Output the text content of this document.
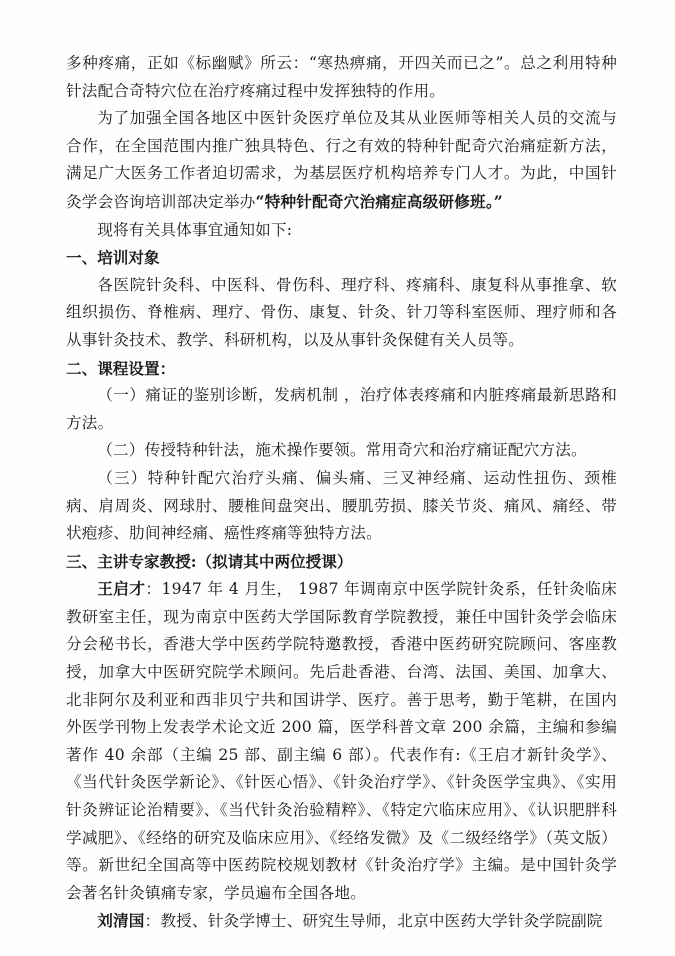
多种疼痛，正如《标幽赋》所云：“寒热痹痛，开四关而已之”。总之利用特种针法配合奇特穴位在治疗疼痛过程中发挥独特的作用。

为了加强全国各地区中医针灸医疗单位及其从业医师等相关人员的交流与合作，在全国范围内推广独具特色、行之有效的特种针配奇穴治痛症新方法，满足广大医务工作者迫切需求，为基层医疗机构培养专门人才。为此，中国针灸学会咨询培训部决定举办“特种针配奇穴治痛症高级研修班。”

现将有关具体事宜通知如下:

一、培训对象

各医院针灸科、中医科、骨伤科、理疗科、疼痛科、康复科从事推拿、软组织损伤、脊椎病、理疗、骨伤、康复、针灸、针刀等科室医师、理疗师和各从事针灸技术、教学、科研机构，以及从事针灸保健有关人员等。

二、课程设置：

（一）痛证的鉴别诊断，发病机制 ，治疗体表疼痛和内脏疼痛最新思路和方法。

（二）传授特种针法，施术操作要领。常用奇穴和治疗痛证配穴方法。

（三）特种针配穴治疗头痛、偏头痛、三叉神经痛、运动性扭伤、颈椎病、肩周炎、网球肘、腰椎间盘突出、腰肌劳损、膝关节炎、痛风、痛经、带状疱疹、肋间神经痛、癌性疼痛等独特方法。

三、主讲专家教授:（拟请其中两位授课）

王启才：1947 年 4 月生， 1987 年调南京中医学院针灸系，任针灸临床教研室主任，现为南京中医药大学国际教育学院教授，兼任中国针灸学会临床分会秘书长，香港大学中医药学院特邀教授，香港中医药研究院顾问、客座教授，加拿大中医研究院学术顾问。先后赴香港、台湾、法国、美国、加拿大、北非阿尔及利亚和西非贝宁共和国讲学、医疗。善于思考，勤于笔耕，在国内外医学刊物上发表学术论文近 200 篇，医学科普文章 200 余篇，主编和参编著作 40 余部（主编 25 部、副主编 6 部）。代表作有:《王启才新针灸学》、《当代针灸医学新论》、《针医心悟》、《针灸治疗学》、《针灸医学宝典》、《实用针灸辨证论治精要》、《当代针灸治验精粹》、《特定穴临床应用》、《认识肥胖科学减肥》、《经络的研究及临床应用》、《经络发微》及《二级经络学》（英文版）等。新世纪全国高等中医药院校规划教材《针灸治疗学》主编。是中国针灸学会著名针灸镇痛专家，学员遍布全国各地。

刘清国：教授、针灸学博士、研究生导师，北京中医药大学针灸学院副院
